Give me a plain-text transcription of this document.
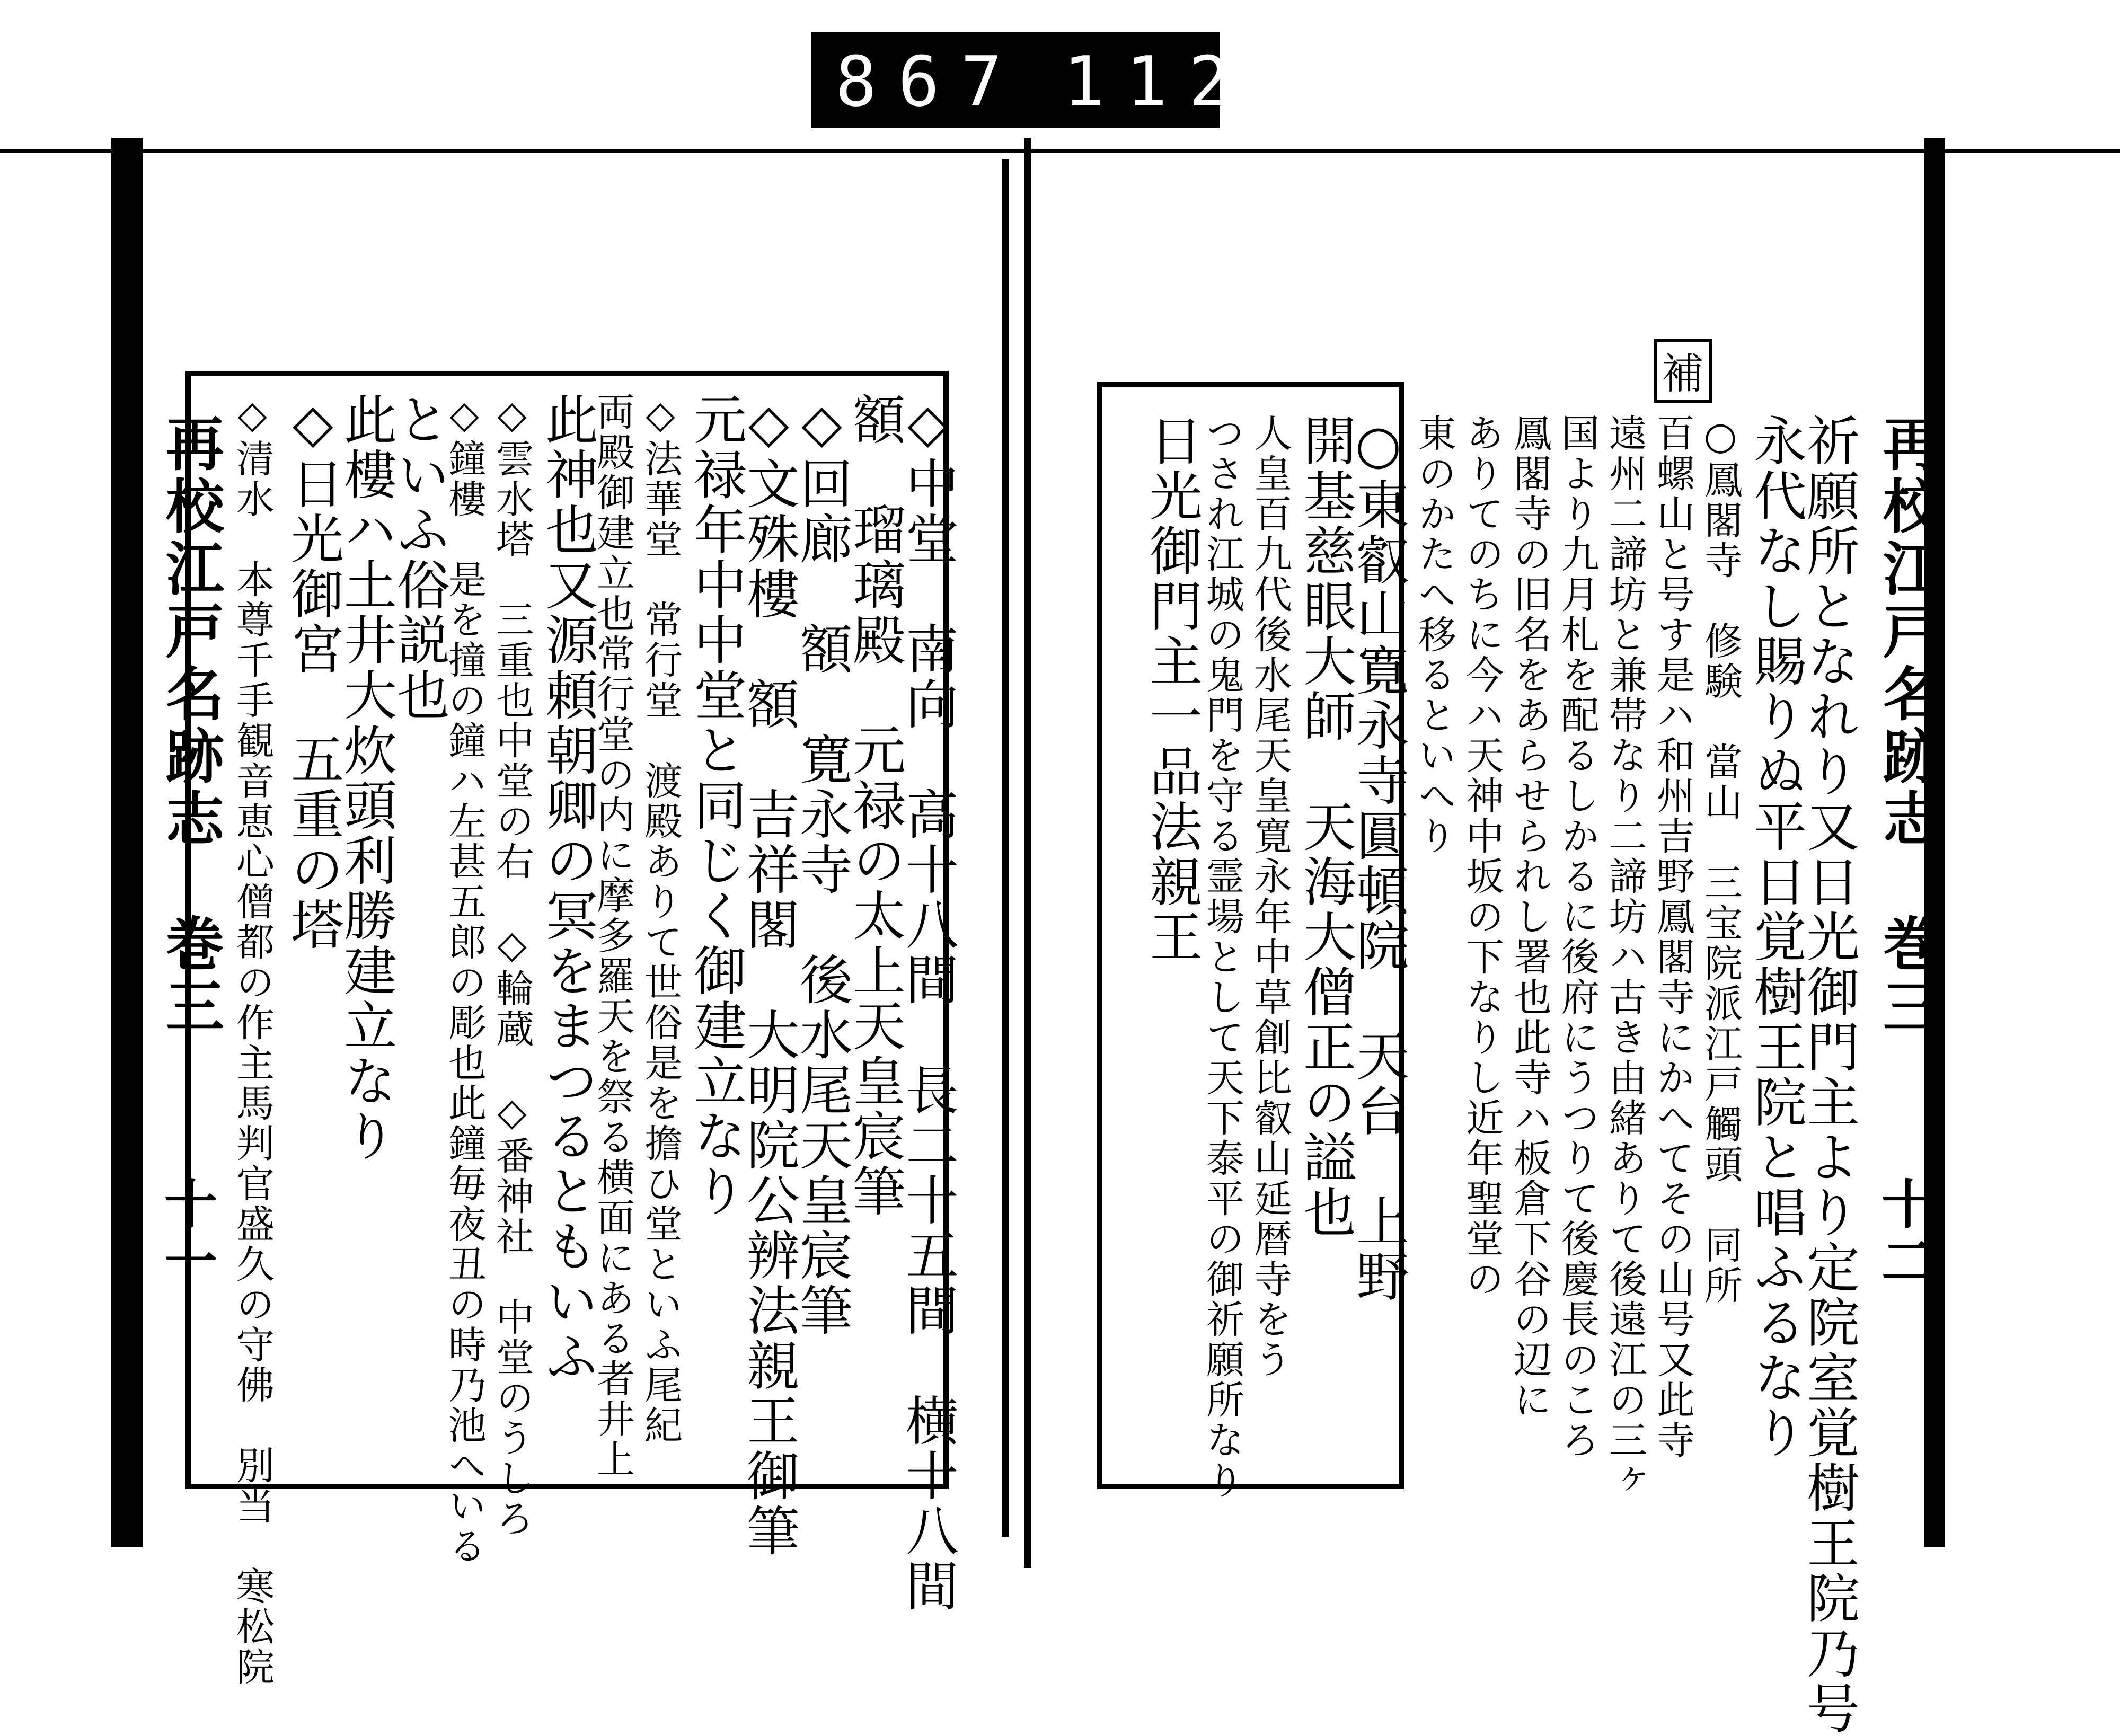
867 112
再校江戸名跡志　巻三
十一	◇中堂　南向　高十八間　長二十五間　横十八間
額　瑠璃殿　元禄の太上天皇宸筆
◇回廊　額　寛永寺　後水尾天皇宸筆
◇文殊樓　額　吉祥閣　大明院公辨法親王御筆
元禄年中中堂と同じく御建立なり
◇法華堂　常行堂　渡殿ありて世俗是を擔ひ堂といふ尾紀
両殿御建立也常行堂の内に摩多羅天を祭る横面にある者井上
此神也又源頼朝卿の冥をまつるともいふ
◇雲水塔　三重也中堂の右　◇輪蔵　◇番神社　中堂のうしろ
◇鐘樓　是を撞の鐘ハ左甚五郎の彫也此鐘毎夜丑の時乃池へいる
といふ俗説也
此樓ハ土井大炊頭利勝建立なり
◇日光御宮　五重の塔
◇清水　本尊千手観音恵心僧都の作主馬判官盛久の守佛　別当　寒松院	再校江戸名跡志　巻三
十二
補
祈願所となれり又日光御門主より定院室覚樹王院乃号
永代なし賜りぬ平日覚樹王院と唱ふるなり
○鳳閣寺　修験　當山　三宝院派江戸觸頭　同所
百螺山と号す是ハ和州吉野鳳閣寺にかへてその山号又此寺
遠州二諦坊と兼帯なり二諦坊ハ古き由緒ありて後遠江の三ヶ
国より九月札を配るしかるに後府にうつりて後慶長のころ
鳳閣寺の旧名をあらせられし署也此寺ハ板倉下谷の辺に
ありてのちに今ハ天神中坂の下なりし近年聖堂の
東のかたへ移るといへり
○東叡山寛永寺圓頓院　天台　上野
開基慈眼大師　天海大僧正の謚也
人皇百九代後水尾天皇寛永年中草創比叡山延暦寺をう
つされ江城の鬼門を守る霊場として天下泰平の御祈願所なり
日光御門主一品法親王
